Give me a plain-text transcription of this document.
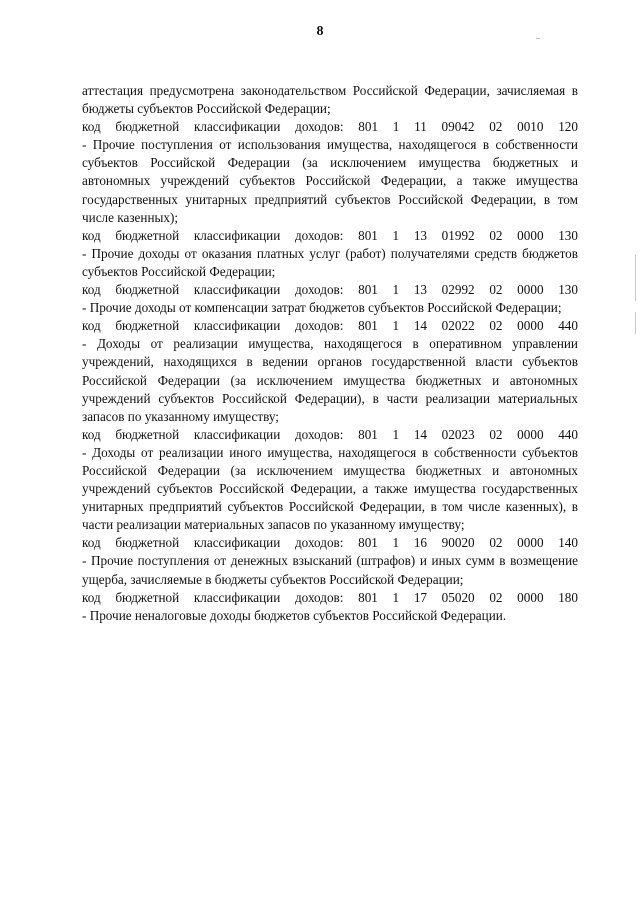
8

аттестация предусмотрена законодательством Российской Федерации, зачисляемая в бюджеты субъектов Российской Федерации;

код бюджетной классификации доходов: 801 1 11 09042 02 0010 120

- Прочие поступления от использования имущества, находящегося в собственности субъектов Российской Федерации (за исключением имущества бюджетных и автономных учреждений субъектов Российской Федерации, а также имущества государственных унитарных предприятий субъектов Российской Федерации, в том числе казенных);

код бюджетной классификации доходов: 801 1 13 01992 02 0000 130

- Прочие доходы от оказания платных услуг (работ) получателями средств бюджетов субъектов Российской Федерации;

код бюджетной классификации доходов: 801 1 13 02992 02 0000 130

- Прочие доходы от компенсации затрат бюджетов субъектов Российской Федерации;

код бюджетной классификации доходов: 801 1 14 02022 02 0000 440

- Доходы от реализации имущества, находящегося в оперативном управлении учреждений, находящихся в ведении органов государственной власти субъектов Российской Федерации (за исключением имущества бюджетных и автономных учреждений субъектов Российской Федерации), в части реализации материальных запасов по указанному имуществу;

код бюджетной классификации доходов: 801 1 14 02023 02 0000 440

- Доходы от реализации иного имущества, находящегося в собственности субъектов Российской Федерации (за исключением имущества бюджетных и автономных учреждений субъектов Российской Федерации, а также имущества государственных унитарных предприятий субъектов Российской Федерации, в том числе казенных), в части реализации материальных запасов по указанному имуществу;

код бюджетной классификации доходов: 801 1 16 90020 02 0000 140

- Прочие поступления от денежных взысканий (штрафов) и иных сумм в возмещение ущерба, зачисляемые в бюджеты субъектов Российской Федерации;

код бюджетной классификации доходов: 801 1 17 05020 02 0000 180

- Прочие неналоговые доходы бюджетов субъектов Российской Федерации.
